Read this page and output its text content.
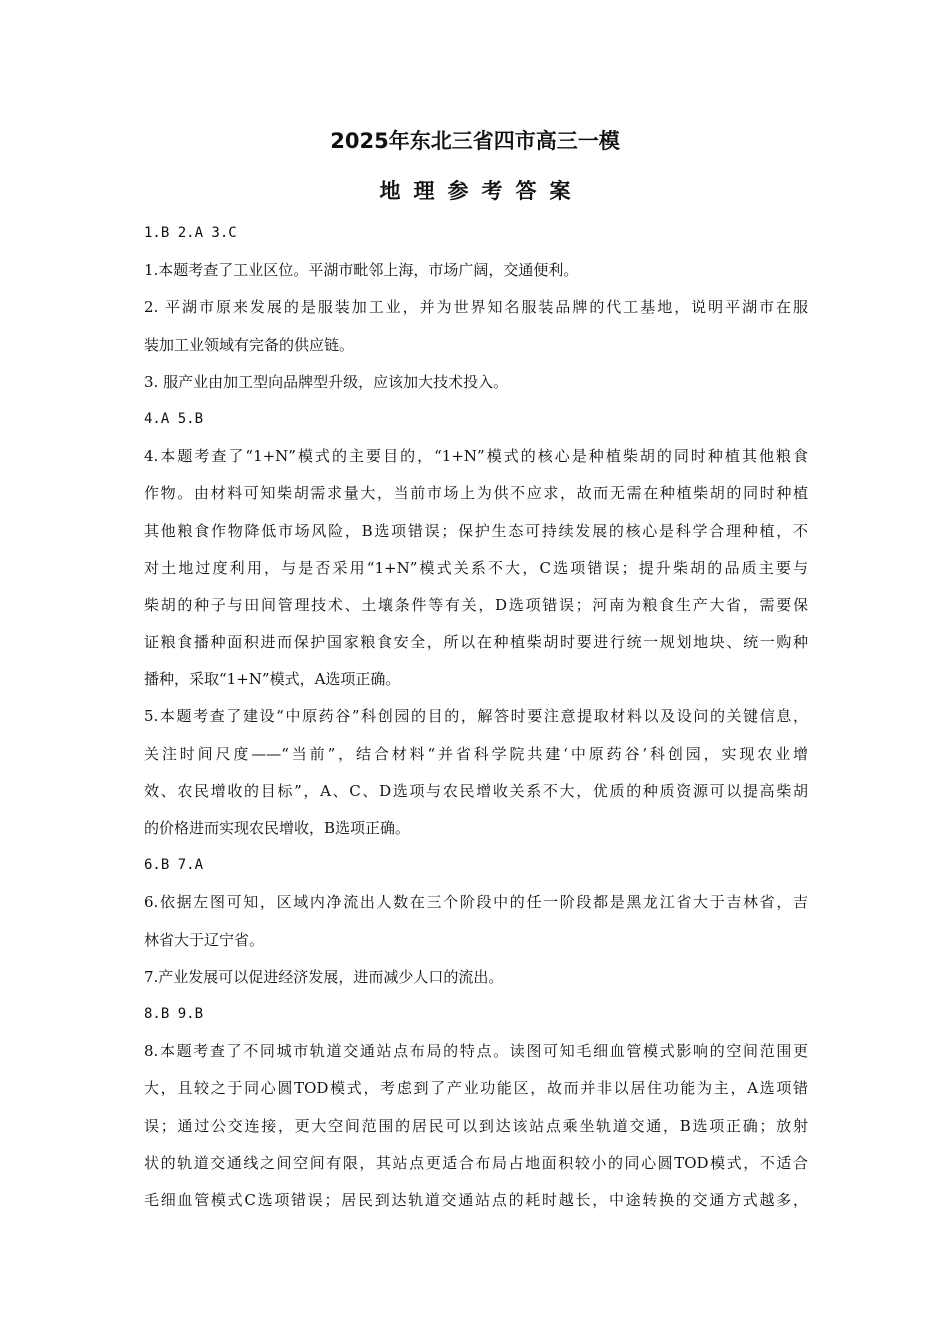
2025年东北三省四市高三一模
地理参考答案
1.B 2.A 3.C
1.本题考查了工业区位。平湖市毗邻上海，市场广阔，交通便利。
2. 平湖市原来发展的是服装加工业，并为世界知名服装品牌的代工基地，说明平湖市在服
装加工业领域有完备的供应链。
3. 服产业由加工型向品牌型升级，应该加大技术投入。
4.A 5.B
4.本题考查了“1+N”模式的主要目的，“1+N”模式的核心是种植柴胡的同时种植其他粮食
作物。由材料可知柴胡需求量大，当前市场上为供不应求，故而无需在种植柴胡的同时种植
其他粮食作物降低市场风险，B选项错误；保护生态可持续发展的核心是科学合理种植，不
对土地过度利用，与是否采用“1+N”模式关系不大，C选项错误；提升柴胡的品质主要与
柴胡的种子与田间管理技术、土壤条件等有关，D选项错误；河南为粮食生产大省，需要保
证粮食播种面积进而保护国家粮食安全，所以在种植柴胡时要进行统一规划地块、统一购种
播种，采取“1+N”模式，A选项正确。
5.本题考查了建设“中原药谷”科创园的目的，解答时要注意提取材料以及设问的关键信息，
关注时间尺度——“当前”，结合材料“并省科学院共建‘中原药谷’科创园，实现农业增
效、农民增收的目标”，A、C、D选项与农民增收关系不大，优质的种质资源可以提高柴胡
的价格进而实现农民增收，B选项正确。
6.B 7.A
6.依据左图可知，区域内净流出人数在三个阶段中的任一阶段都是黑龙江省大于吉林省，吉
林省大于辽宁省。
7.产业发展可以促进经济发展，进而减少人口的流出。
8.B 9.B
8.本题考查了不同城市轨道交通站点布局的特点。读图可知毛细血管模式影响的空间范围更
大，且较之于同心圆TOD模式，考虑到了产业功能区，故而并非以居住功能为主，A选项错
误；通过公交连接，更大空间范围的居民可以到达该站点乘坐轨道交通，B选项正确；放射
状的轨道交通线之间空间有限，其站点更适合布局占地面积较小的同心圆TOD模式，不适合
毛细血管模式C选项错误；居民到达轨道交通站点的耗时越长，中途转换的交通方式越多，
